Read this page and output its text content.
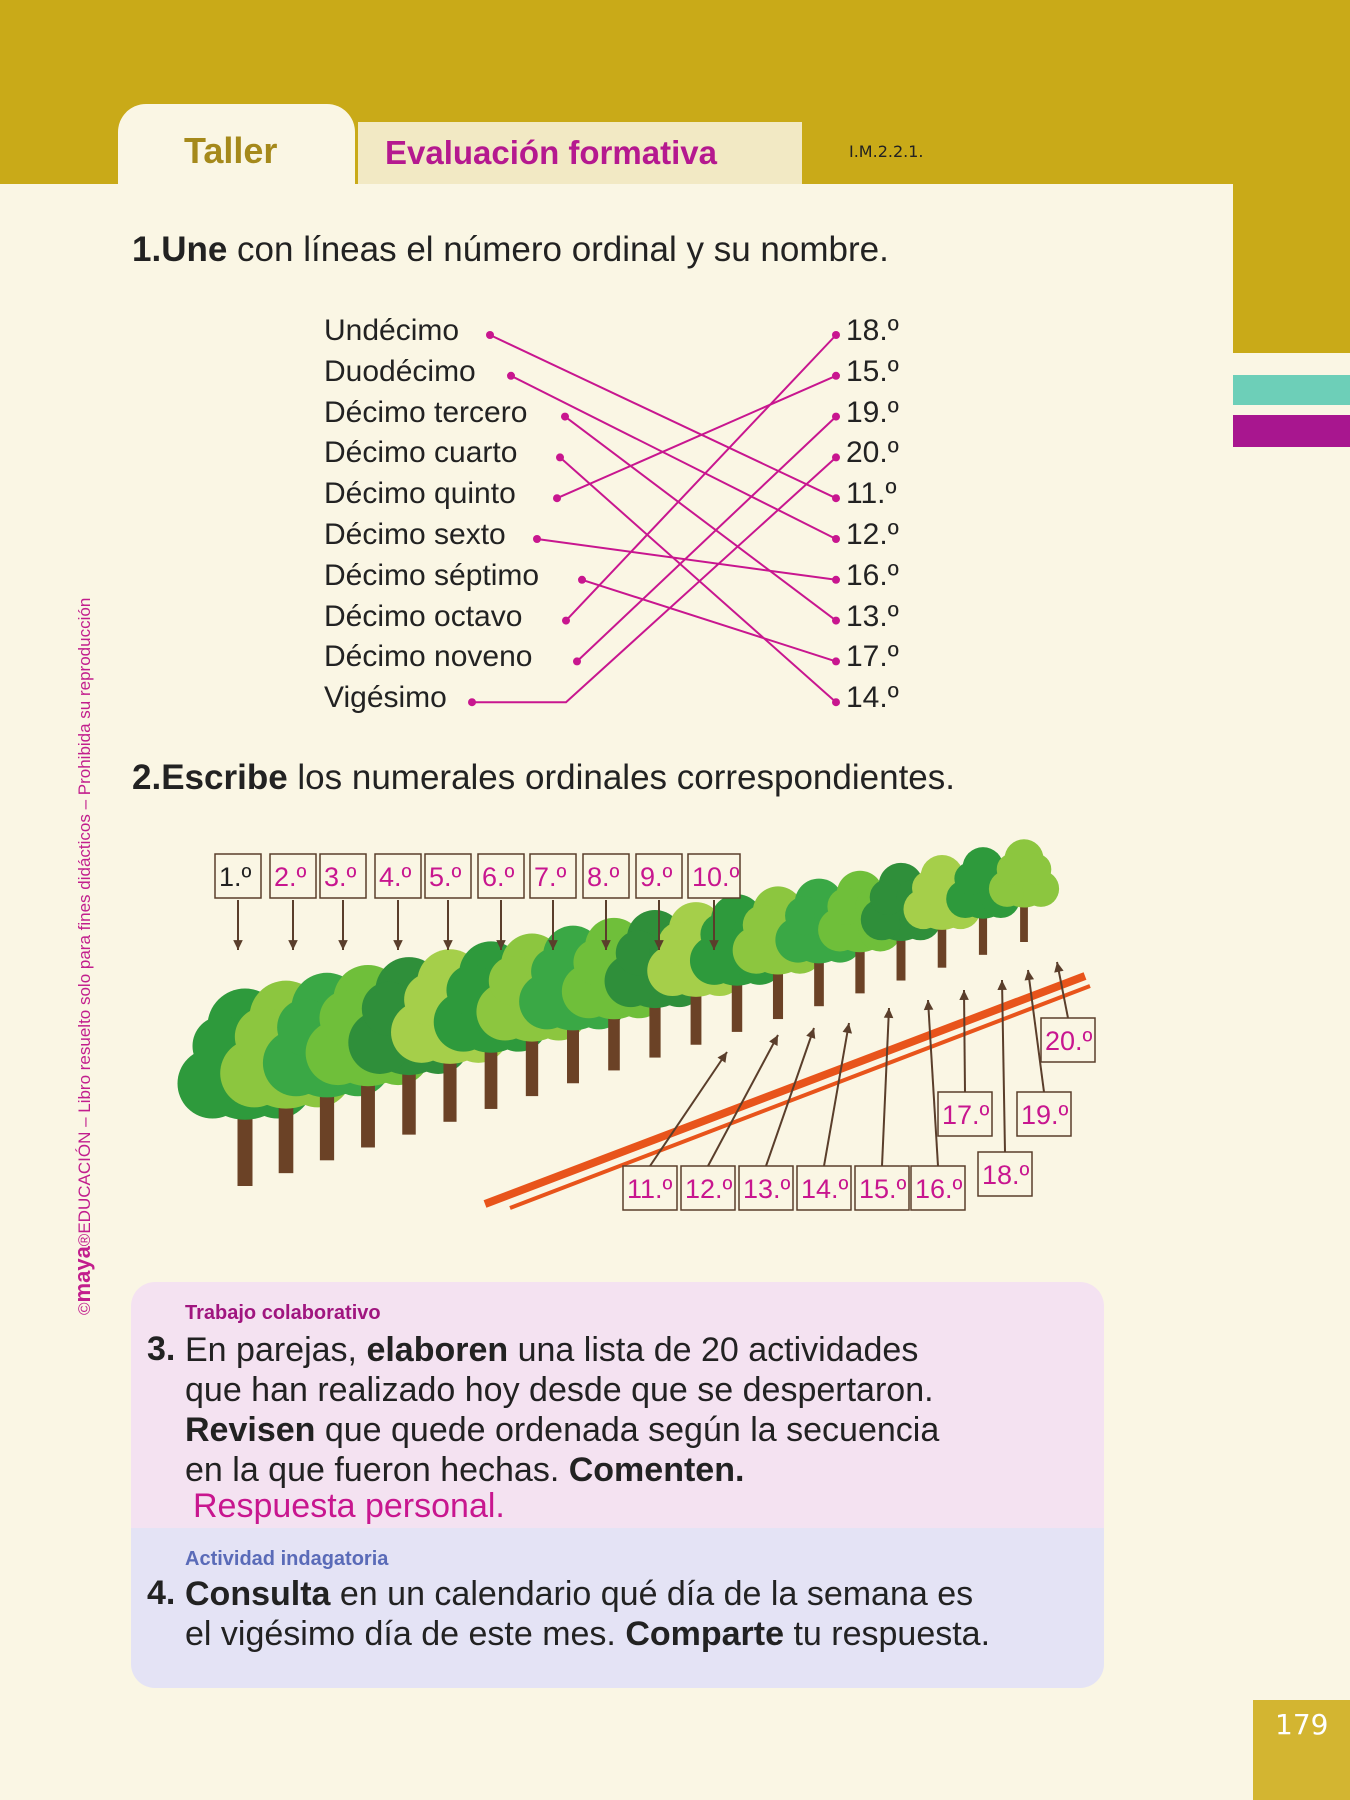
Taller	Evaluación formativa	I.M.2.2.1.
1.Une con líneas el número ordinal y su nombre.
Undécimo
Duodécimo
Décimo tercero
Décimo cuarto
Décimo quinto
Décimo sexto
Décimo séptimo
Décimo octavo
Décimo noveno
Vigésimo
18.º
15.º
19.º
20.º
11.º
12.º
16.º
13.º
17.º
14.º
2.Escribe los numerales ordinales correspondientes.
1.º 2.º 3.º 4.º 5.º 6.º 7.º 8.º 9.º 10.º
11.º 12.º 13.º 14.º 15.º 16.º
17.º
18.º
19.º
20.º
©maya®EDUCACIÓN – Libro resuelto solo para fines didácticos – Prohibida su reproducción
Trabajo colaborativo
3. En parejas, elaboren una lista de 20 actividades
que han realizado hoy desde que se despertaron.
Revisen que quede ordenada según la secuencia
en la que fueron hechas. Comenten.
Respuesta personal.
Actividad indagatoria
4. Consulta en un calendario qué día de la semana es
el vigésimo día de este mes. Comparte tu respuesta.
179
